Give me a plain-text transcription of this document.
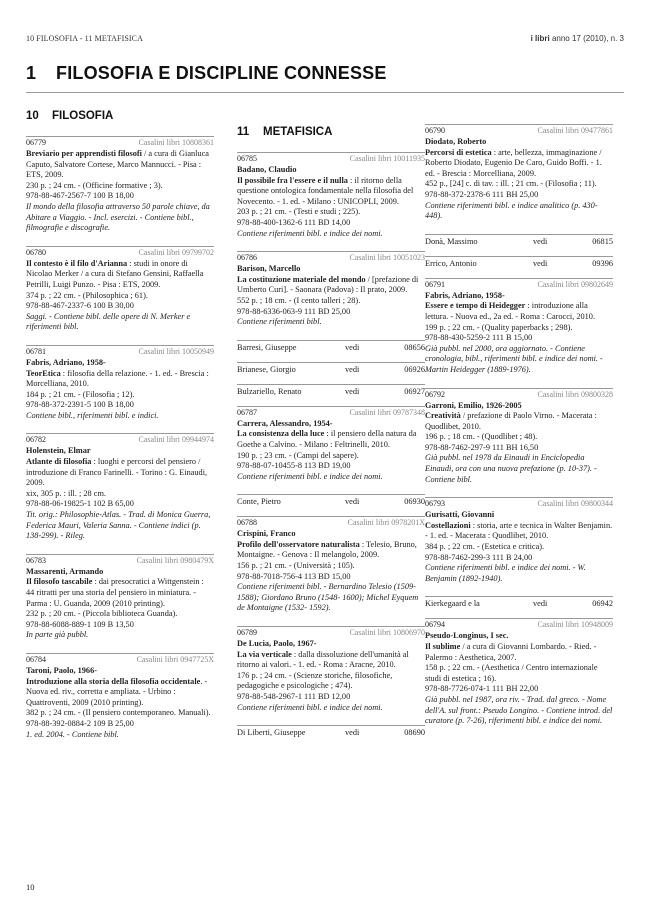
10 FILOSOFIA - 11 METAFISICA	i libri anno 17 (2010), n. 3
1 FILOSOFIA E DISCIPLINE CONNESSE
10 FILOSOFIA
06779	Casalini libri 10808361
Breviario per apprendisti filosofi / a cura di Gianluca Caputo, Salvatore Cortese, Marco Mannucci. - Pisa : ETS, 2009.
230 p. ; 24 cm. - (Officine formative ; 3).
978-88-467-2567-7 100 B 18,00
Il mondo della filosofia attraverso 50 parole chiave, da Abitare a Viaggio. - Incl. esercizi. - Contiene bibl., filmografie e discografie.
06780	Casalini libri 09799702
Il contesto è il filo d'Arianna : studi in onore di Nicolao Merker / a cura di Stefano Gensini, Raffaella Petrilli, Luigi Punzo. - Pisa : ETS, 2009.
374 p. ; 22 cm. - (Philosophica ; 61).
978-88-467-2337-6 100 B 30,00
Saggi. - Contiene bibl. delle opere di N. Merker e riferimenti bibl.
06781	Casalini libri 10050949
Fabris, Adriano, 1958-
TeorEtica : filosofia della relazione. - 1. ed. - Brescia : Morcelliana, 2010.
184 p. ; 21 cm. - (Filosofia ; 12).
978-88-372-2391-5 100 B 18,00
Contiene bibl., riferimenti bibl. e indici.
06782	Casalini libri 09944974
Holenstein, Elmar
Atlante di filosofia : luoghi e percorsi del pensiero / introduzione di Franco Farinelli. - Torino : G. Einaudi, 2009.
xix, 305 p. : ill. ; 28 cm.
978-88-06-19825-1 102 B 65,00
Tit. orig.: Philosophie-Atlas. - Trad. di Monica Guerra, Federica Mauri, Valeria Sanna. - Contiene indici (p. 138-299). - Rileg.
06783	Casalini libri 0980479X
Massarenti, Armando
Il filosofo tascabile : dai presocratici a Wittgenstein : 44 ritratti per una storia del pensiero in miniatura. - Parma : U. Guanda, 2009 (2010 printing).
232 p. ; 20 cm. - (Piccola biblioteca Guanda).
978-88-6088-889-1 109 B 13,50
In parte già pubbl.
06784	Casalini libri 0947725X
Taroni, Paolo, 1966-
Introduzione alla storia della filosofia occidentale. - Nuova ed. riv., corretta e ampliata. - Urbino : Quattroventi, 2009 (2010 printing).
382 p. ; 24 cm. - (Il pensiero contemporaneo. Manuali).
978-88-392-0884-2 109 B 25,00
1. ed. 2004. - Contiene bibl.
11 METAFISICA
06785	Casalini libri 10011935
Badano, Claudio
Il possibile fra l'essere e il nulla : il ritorno della questione ontologica fondamentale nella filosofia del Novecento. - 1. ed. - Milano : UNICOPLI, 2009.
203 p. ; 21 cm. - (Testi e studi ; 225).
978-88-400-1362-6 111 BD 14,00
Contiene riferimenti bibl. e indice dei nomi.
06786	Casalini libri 10051023
Barison, Marcello
La costituzione materiale del mondo / [prefazione di Umberto Curi]. - Saonara (Padova) : Il prato, 2009.
552 p. ; 18 cm. - (I cento talleri ; 28).
978-88-6336-063-9 111 BD 25,00
Contiene riferimenti bibl.
Barresi, Giuseppe	vedi	08656
Brianese, Giorgio	vedi	06926
Bulzariello, Renato	vedi	06927
06787	Casalini libri 09787348
Carrera, Alessandro, 1954-
La consistenza della luce : il pensiero della natura da Goethe a Calvino. - Milano : Feltrinelli, 2010.
190 p. ; 23 cm. - (Campi del sapere).
978-88-07-10455-8 113 BD 19,00
Contiene riferimenti bibl. e indice dei nomi.
Conte, Pietro	vedi	06930
06788	Casalini libri 0978201X
Crispini, Franco
Profilo dell'osservatore naturalista : Telesio, Bruno, Montaigne. - Genova : Il melangolo, 2009.
156 p. ; 21 cm. - (Università ; 105).
978-88-7018-756-4 113 BD 15,00
Contiene riferimenti bibl. - Bernardino Telesio (1509-1588); Giordano Bruno (1548- 1600); Michel Eyquem de Montaigne (1532- 1592).
06789	Casalini libri 10806970
De Lucia, Paolo, 1967-
La via verticale : dalla dissoluzione dell'umanità al ritorno ai valori. - 1. ed. - Roma : Aracne, 2010.
176 p. ; 24 cm. - (Scienze storiche, filosofiche, pedagogiche e psicologiche ; 474).
978-88-548-2967-1 111 BD 12,00
Contiene riferimenti bibl. e indice dei nomi.
Di Liberti, Giuseppe	vedi	08690
06790	Casalini libri 09477861
Diodato, Roberto
Percorsi di estetica : arte, bellezza, immaginazione / Roberto Diodato, Eugenio De Caro, Guido Boffi. - 1. ed. - Brescia : Morcelliana, 2009.
452 p., [24] c. di tav. : ill. ; 21 cm. - (Filosofia ; 11).
978-88-372-2378-6 111 BH 25,00
Contiene riferimenti bibl. e indice analitico (p. 430-448).
Donà, Massimo	vedi	06815
Errico, Antonio	vedi	09396
06791	Casalini libri 09802649
Fabris, Adriano, 1958-
Essere e tempo di Heidegger : introduzione alla lettura. - Nuova ed., 2a ed. - Roma : Carocci, 2010.
199 p. ; 22 cm. - (Quality paperbacks ; 298).
978-88-430-5259-2 111 B 15,00
Già pubbl. nel 2000, ora aggiornato. - Contiene cronologia, bibl., riferimenti bibl. e indice dei nomi. - Martin Heidegger (1889-1976).
06792	Casalini libri 09800328
Garroni, Emilio, 1926-2005
Creatività / prefazione di Paolo Virno. - Macerata : Quodlibet, 2010.
196 p. ; 18 cm. - (Quodlibet ; 48).
978-88-7462-297-9 111 BH 16,50
Già pubbl. nel 1978 da Einaudi in Enciclopedia Einaudi, ora con una nuova prefazione (p. 10-37). - Contiene bibl.
06793	Casalini libri 09800344
Gurisatti, Giovanni
Costellazioni : storia, arte e tecnica in Walter Benjamin. - 1. ed. - Macerata : Quodlibet, 2010.
384 p. ; 22 cm. - (Estetica e critica).
978-88-7462-299-3 111 B 24,00
Contiene riferimenti bibl. e indice dei nomi. - W. Benjamin (1892-1940).
Kierkegaard e la	vedi	06942
06794	Casalini libri 10948009
Pseudo-Longinus, I sec.
Il sublime / a cura di Giovanni Lombardo. - Ried. - Palermo : Aesthetica, 2007.
158 p. ; 22 cm. - (Aesthetica / Centro internazionale studi di estetica ; 16).
978-88-7726-074-1 111 BH 22,00
Già pubbl. nel 1987, ora riv. - Trad. dal greco. - Nome dell'A. sul front.: Pseudo Longino. - Contiene introd. del curatore (p. 7-26), riferimenti bibl. e indice dei nomi.
10
